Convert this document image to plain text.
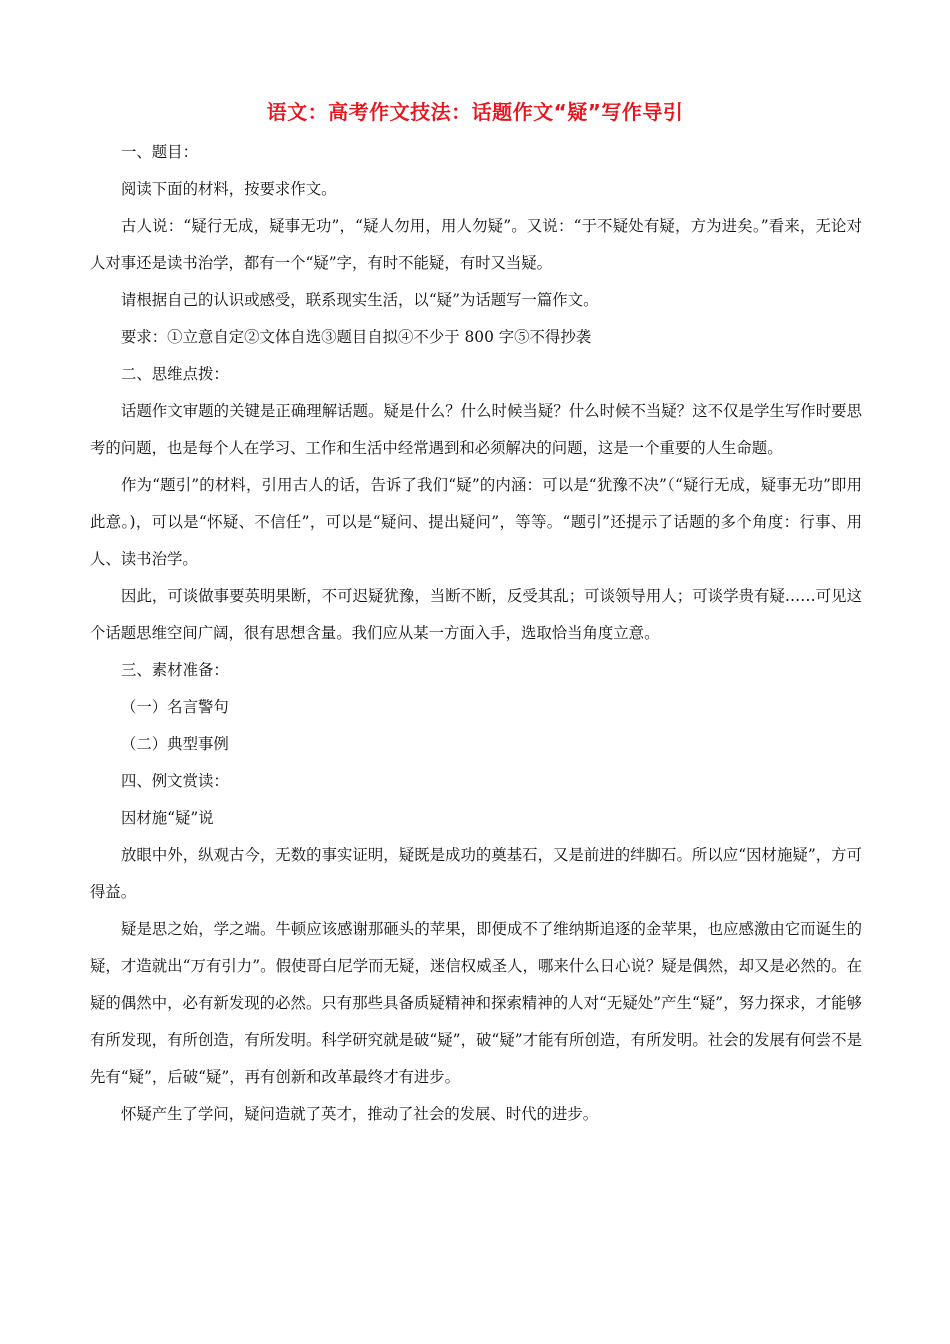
语文：高考作文技法：话题作文“疑”写作导引

一、题目：

阅读下面的材料，按要求作文。

古人说：“疑行无成，疑事无功”，“疑人勿用，用人勿疑”。又说：“于不疑处有疑，方为进矣。”看来，无论对人对事还是读书治学，都有一个“疑”字，有时不能疑，有时又当疑。

请根据自己的认识或感受，联系现实生活，以“疑”为话题写一篇作文。

要求：①立意自定②文体自选③题目自拟④不少于 800 字⑤不得抄袭

二、思维点拨：

话题作文审题的关键是正确理解话题。疑是什么？什么时候当疑？什么时候不当疑？这不仅是学生写作时要思考的问题，也是每个人在学习、工作和生活中经常遇到和必须解决的问题，这是一个重要的人生命题。

作为“题引”的材料，引用古人的话，告诉了我们“疑”的内涵：可以是“犹豫不决”（“疑行无成，疑事无功”即用此意。)，可以是“怀疑、不信任”，可以是“疑问、提出疑问”，等等。“题引”还提示了话题的多个角度：行事、用人、读书治学。

因此，可谈做事要英明果断，不可迟疑犹豫，当断不断，反受其乱；可谈领导用人；可谈学贵有疑……可见这个话题思维空间广阔，很有思想含量。我们应从某一方面入手，选取恰当角度立意。

三、素材准备：

（一）名言警句

（二）典型事例

四、例文赏读：

因材施“疑”说

放眼中外，纵观古今，无数的事实证明，疑既是成功的奠基石，又是前进的绊脚石。所以应“因材施疑”，方可得益。

疑是思之始，学之端。牛顿应该感谢那砸头的苹果，即便成不了维纳斯追逐的金苹果，也应感激由它而诞生的疑，才造就出“万有引力”。假使哥白尼学而无疑，迷信权威圣人，哪来什么日心说？疑是偶然，却又是必然的。在疑的偶然中，必有新发现的必然。只有那些具备质疑精神和探索精神的人对“无疑处”产生“疑”，努力探求，才能够有所发现，有所创造，有所发明。科学研究就是破“疑”，破“疑”才能有所创造，有所发明。社会的发展有何尝不是先有“疑”，后破“疑”，再有创新和改革最终才有进步。

怀疑产生了学问，疑问造就了英才，推动了社会的发展、时代的进步。
